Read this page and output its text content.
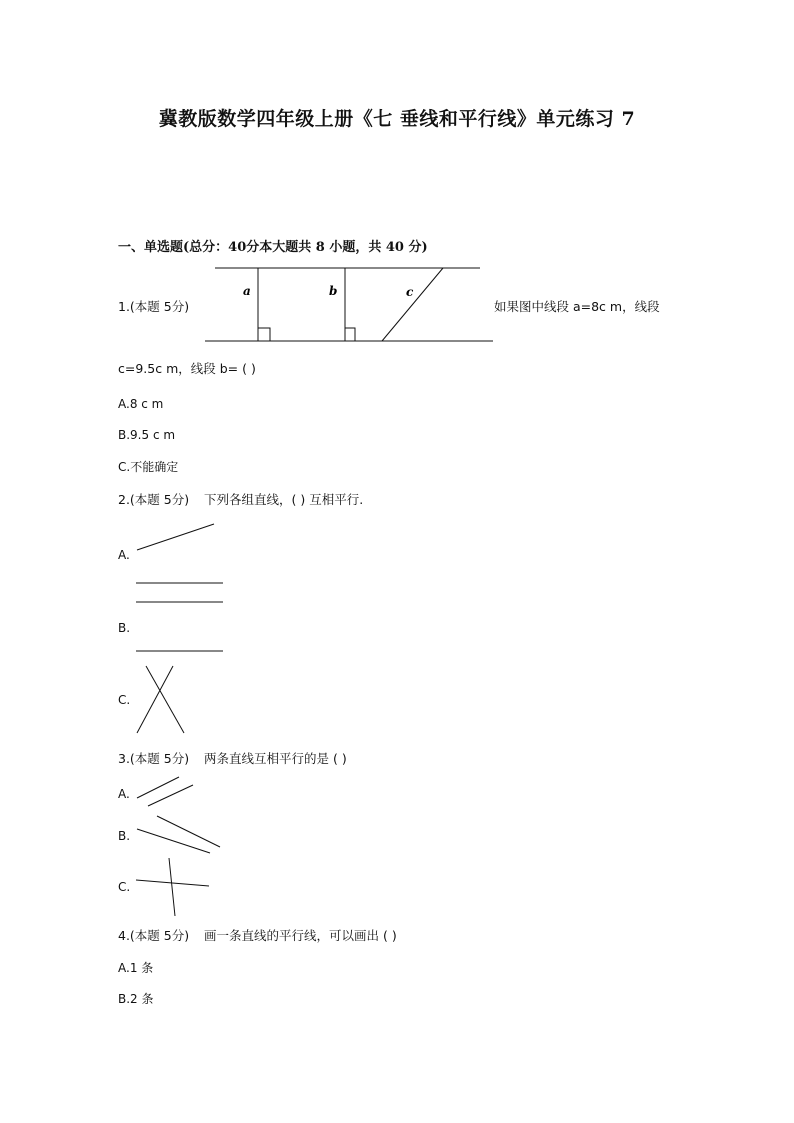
冀教版数学四年级上册《七 垂线和平行线》单元练习 7
一、单选题(总分：40分本大题共 8 小题，共 40 分)
1.(本题 5分)
a	b	c
如果图中线段 a=8c m，线段
c=9.5c m，线段 b= ( )
A.8 c m
B.9.5 c m
C.不能确定
2.(本题 5分) 下列各组直线，( ) 互相平行.
A.
B.
C.
3.(本题 5分) 两条直线互相平行的是 ( )
A.
B.
C.
4.(本题 5分) 画一条直线的平行线，可以画出 ( )
A.1 条
B.2 条
